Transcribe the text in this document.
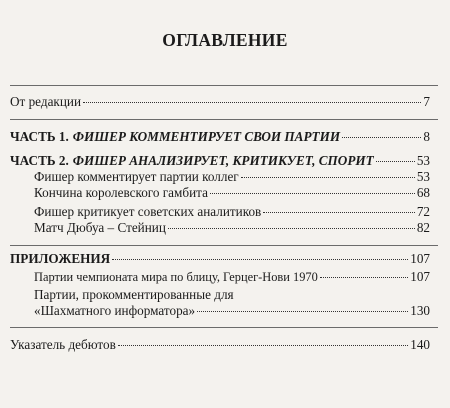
ОГЛАВЛЕНИЕ
От редакции	7
ЧАСТЬ 1. ФИШЕР КОММЕНТИРУЕТ СВОИ ПАРТИИ	8
ЧАСТЬ 2. ФИШЕР АНАЛИЗИРУЕТ, КРИТИКУЕТ, СПОРИТ	53
Фишер комментирует партии коллег	53
Кончина королевского гамбита	68
Фишер критикует советских аналитиков	72
Матч Дюбуа – Стейниц	82
ПРИЛОЖЕНИЯ	107
Партии чемпионата мира по блицу, Герцег-Нови 1970	107
Партии, прокомментированные для
«Шахматного информатора»	130
Указатель дебютов	140
